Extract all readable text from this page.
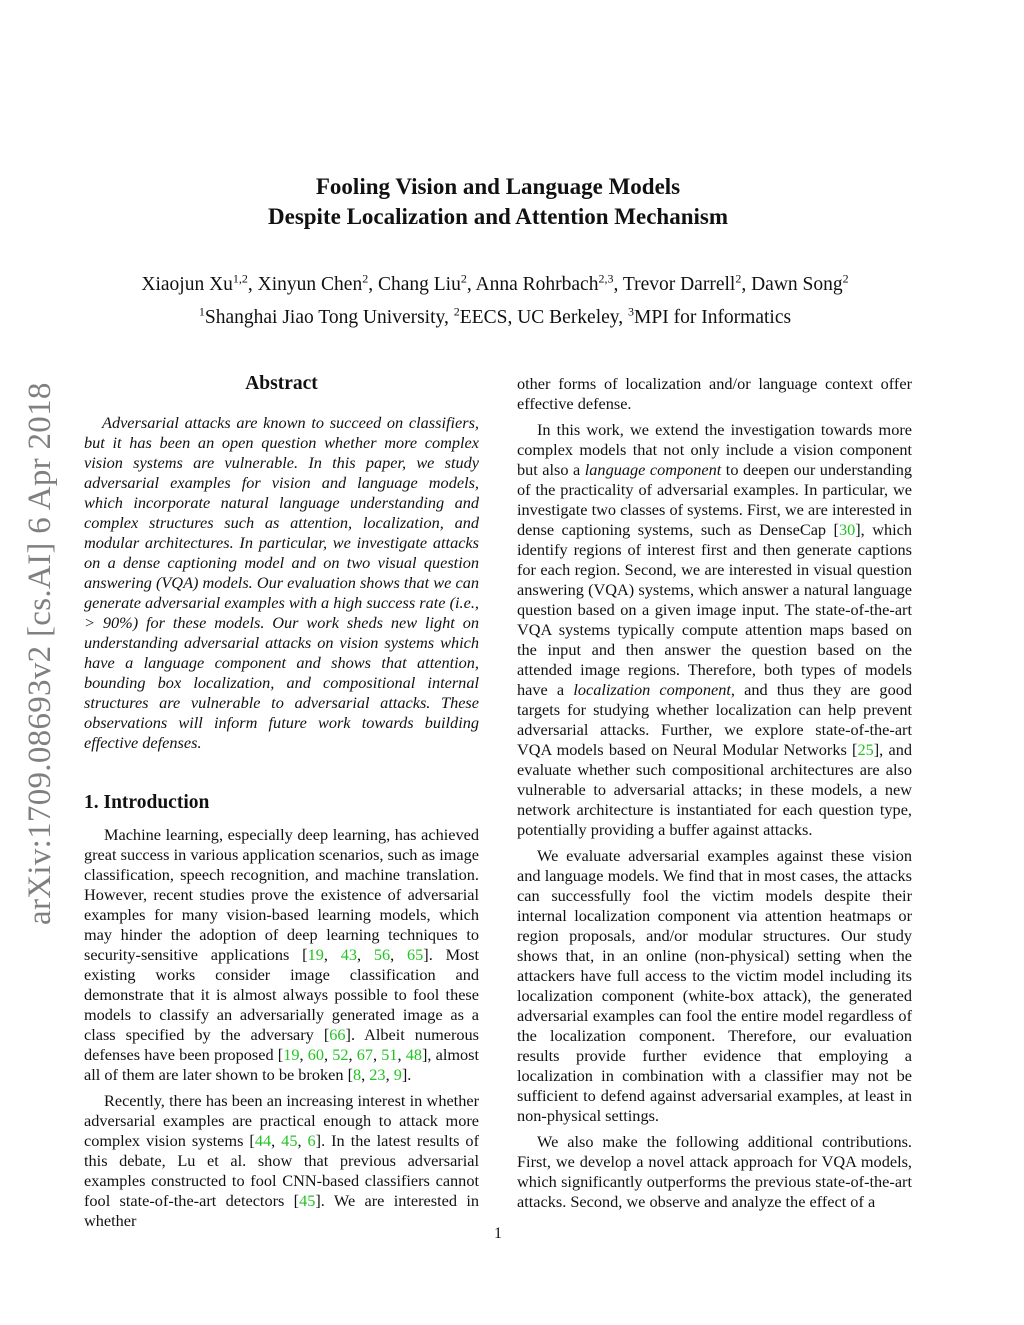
arXiv:1709.08693v2 [cs.AI] 6 Apr 2018
Fooling Vision and Language Models
Despite Localization and Attention Mechanism
Xiaojun Xu$^{1,2}$, Xinyun Chen$^2$, Chang Liu$^2$, Anna Rohrbach$^{2,3}$, Trevor Darrell$^2$, Dawn Song$^2$
$^1$Shanghai Jiao Tong University, $^2$EECS, UC Berkeley, $^3$MPI for Informatics
Abstract
Adversarial attacks are known to succeed on classifiers, but it has been an open question whether more complex vision systems are vulnerable. In this paper, we study adversarial examples for vision and language models, which incorporate natural language understanding and complex structures such as attention, localization, and modular architectures. In particular, we investigate attacks on a dense captioning model and on two visual question answering (VQA) models. Our evaluation shows that we can generate adversarial examples with a high success rate (i.e., > 90%) for these models. Our work sheds new light on understanding adversarial attacks on vision systems which have a language component and shows that attention, bounding box localization, and compositional internal structures are vulnerable to adversarial attacks. These observations will inform future work towards building effective defenses.
1. Introduction

Machine learning, especially deep learning, has achieved great success in various application scenarios, such as image classification, speech recognition, and machine translation. However, recent studies prove the existence of adversarial examples for many vision-based learning models, which may hinder the adoption of deep learning techniques to security-sensitive applications [19, 43, 56, 65]. Most existing works consider image classification and demonstrate that it is almost always possible to fool these models to classify an adversarially generated image as a class specified by the adversary [66]. Albeit numerous defenses have been proposed [19, 60, 52, 67, 51, 48], almost all of them are later shown to be broken [8, 23, 9].

Recently, there has been an increasing interest in whether adversarial examples are practical enough to attack more complex vision systems [44, 45, 6]. In the latest results of this debate, Lu et al. show that previous adversarial examples constructed to fool CNN-based classifiers cannot fool state-of-the-art detectors [45]. We are interested in whether

other forms of localization and/or language context offer effective defense.

In this work, we extend the investigation towards more complex models that not only include a vision component but also a language component to deepen our understanding of the practicality of adversarial examples. In particular, we investigate two classes of systems. First, we are interested in dense captioning systems, such as DenseCap [30], which identify regions of interest first and then generate captions for each region. Second, we are interested in visual question answering (VQA) systems, which answer a natural language question based on a given image input. The state-of-the-art VQA systems typically compute attention maps based on the input and then answer the question based on the attended image regions. Therefore, both types of models have a localization component, and thus they are good targets for studying whether localization can help prevent adversarial attacks. Further, we explore state-of-the-art VQA models based on Neural Modular Networks [25], and evaluate whether such compositional architectures are also vulnerable to adversarial attacks; in these models, a new network architecture is instantiated for each question type, potentially providing a buffer against attacks.

We evaluate adversarial examples against these vision and language models. We find that in most cases, the attacks can successfully fool the victim models despite their internal localization component via attention heatmaps or region proposals, and/or modular structures. Our study shows that, in an online (non-physical) setting when the attackers have full access to the victim model including its localization component (white-box attack), the generated adversarial examples can fool the entire model regardless of the localization component. Therefore, our evaluation results provide further evidence that employing a localization in combination with a classifier may not be sufficient to defend against adversarial examples, at least in non-physical settings.

We also make the following additional contributions. First, we develop a novel attack approach for VQA models, which significantly outperforms the previous state-of-the-art attacks. Second, we observe and analyze the effect of a

1
